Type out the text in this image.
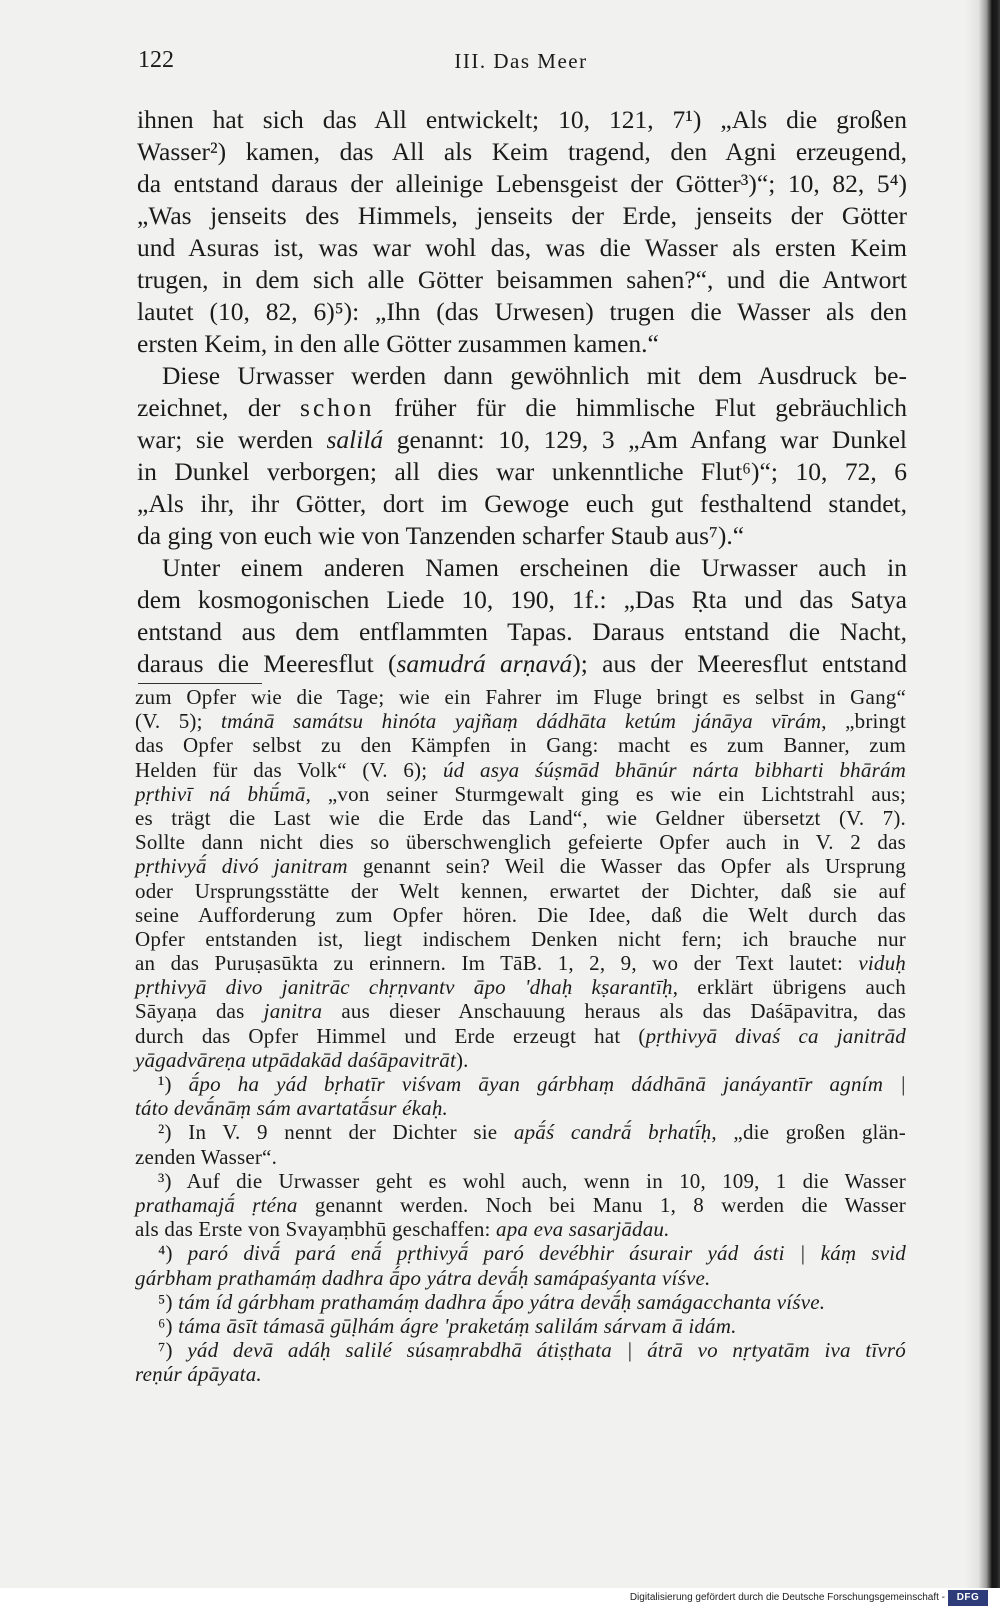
122	III. Das Meer
ihnen hat sich das All entwickelt; 10, 121, 7¹) „Als die großen
Wasser²) kamen, das All als Keim tragend, den Agni erzeugend,
da entstand daraus der alleinige Lebensgeist der Götter³)“; 10, 82, 5⁴)
„Was jenseits des Himmels, jenseits der Erde, jenseits der Götter
und Asuras ist, was war wohl das, was die Wasser als ersten Keim
trugen, in dem sich alle Götter beisammen sahen?“, und die Antwort
lautet (10, 82, 6)⁵): „Ihn (das Urwesen) trugen die Wasser als den
ersten Keim, in den alle Götter zusammen kamen.“
Diese Urwasser werden dann gewöhnlich mit dem Ausdruck be-
zeichnet, der schon früher für die himmlische Flut gebräuchlich
war; sie werden salilá genannt: 10, 129, 3 „Am Anfang war Dunkel
in Dunkel verborgen; all dies war unkenntliche Flut⁶)“; 10, 72, 6
„Als ihr, ihr Götter, dort im Gewoge euch gut festhaltend standet,
da ging von euch wie von Tanzenden scharfer Staub aus⁷).“
Unter einem anderen Namen erscheinen die Urwasser auch in
dem kosmogonischen Liede 10, 190, 1f.: „Das Ṛta und das Satya
entstand aus dem entflammten Tapas. Daraus entstand die Nacht,
daraus die Meeresflut (samudrá arṇavá); aus der Meeresflut entstand
zum Opfer wie die Tage; wie ein Fahrer im Fluge bringt es selbst in Gang“
(V. 5); tmánā samátsu hinóta yajñaṃ dádhāta ketúm jánāya vīrám, „bringt
das Opfer selbst zu den Kämpfen in Gang: macht es zum Banner, zum
Helden für das Volk“ (V. 6); úd asya śúṣmād bhānúr nárta bibharti bhārám
pṛthivī ná bhū́mā, „von seiner Sturmgewalt ging es wie ein Lichtstrahl aus;
es trägt die Last wie die Erde das Land“, wie Geldner übersetzt (V. 7).
Sollte dann nicht dies so überschwenglich gefeierte Opfer auch in V. 2 das
pṛthivyā́ divó janitram genannt sein? Weil die Wasser das Opfer als Ursprung
oder Ursprungsstätte der Welt kennen, erwartet der Dichter, daß sie auf
seine Aufforderung zum Opfer hören. Die Idee, daß die Welt durch das
Opfer entstanden ist, liegt indischem Denken nicht fern; ich brauche nur
an das Puruṣasūkta zu erinnern. Im TāB. 1, 2, 9, wo der Text lautet: viduḥ
pṛthivyā divo janitrāc chṛṇvantv āpo 'dhaḥ kṣarantīḥ, erklärt übrigens auch
Sāyaṇa das janitra aus dieser Anschauung heraus als das Daśāpavitra, das
durch das Opfer Himmel und Erde erzeugt hat (pṛthivyā divaś ca janitrād
yāgadvāreṇa utpādakād daśāpavitrāt).
¹) ā́po ha yád bṛhatīr viśvam āyan gárbhaṃ dádhānā janáyantīr agním |
táto devā́nāṃ sám avartatā́sur ékaḥ.
²) In V. 9 nennt der Dichter sie apā́ś candrā́ bṛhatī́ḥ, „die großen glän-
zenden Wasser“.
³) Auf die Urwasser geht es wohl auch, wenn in 10, 109, 1 die Wasser
prathamajā́ ṛténa genannt werden. Noch bei Manu 1, 8 werden die Wasser
als das Erste von Svayaṃbhū geschaffen: apa eva sasarjādau.
⁴) paró divā́ pará enā́ pṛthivyā́ paró devébhir ásurair yád ásti | káṃ svid
gárbham prathamáṃ dadhra ā́po yátra devā́ḥ samápaśyanta víśve.
⁵) tám íd gárbham prathamáṃ dadhra ā́po yátra devā́ḥ samágacchanta víśve.
⁶) táma āsīt támasā gūḷhám ágre 'praketáṃ salilám sárvam ā idám.
⁷) yád devā adáḥ salilé súsaṃrabdhā átiṣṭhata | átrā vo nṛtyatām iva tīvró
reṇúr ápāyata.
Digitalisierung gefördert durch die Deutsche Forschungsgemeinschaft -	DFG
